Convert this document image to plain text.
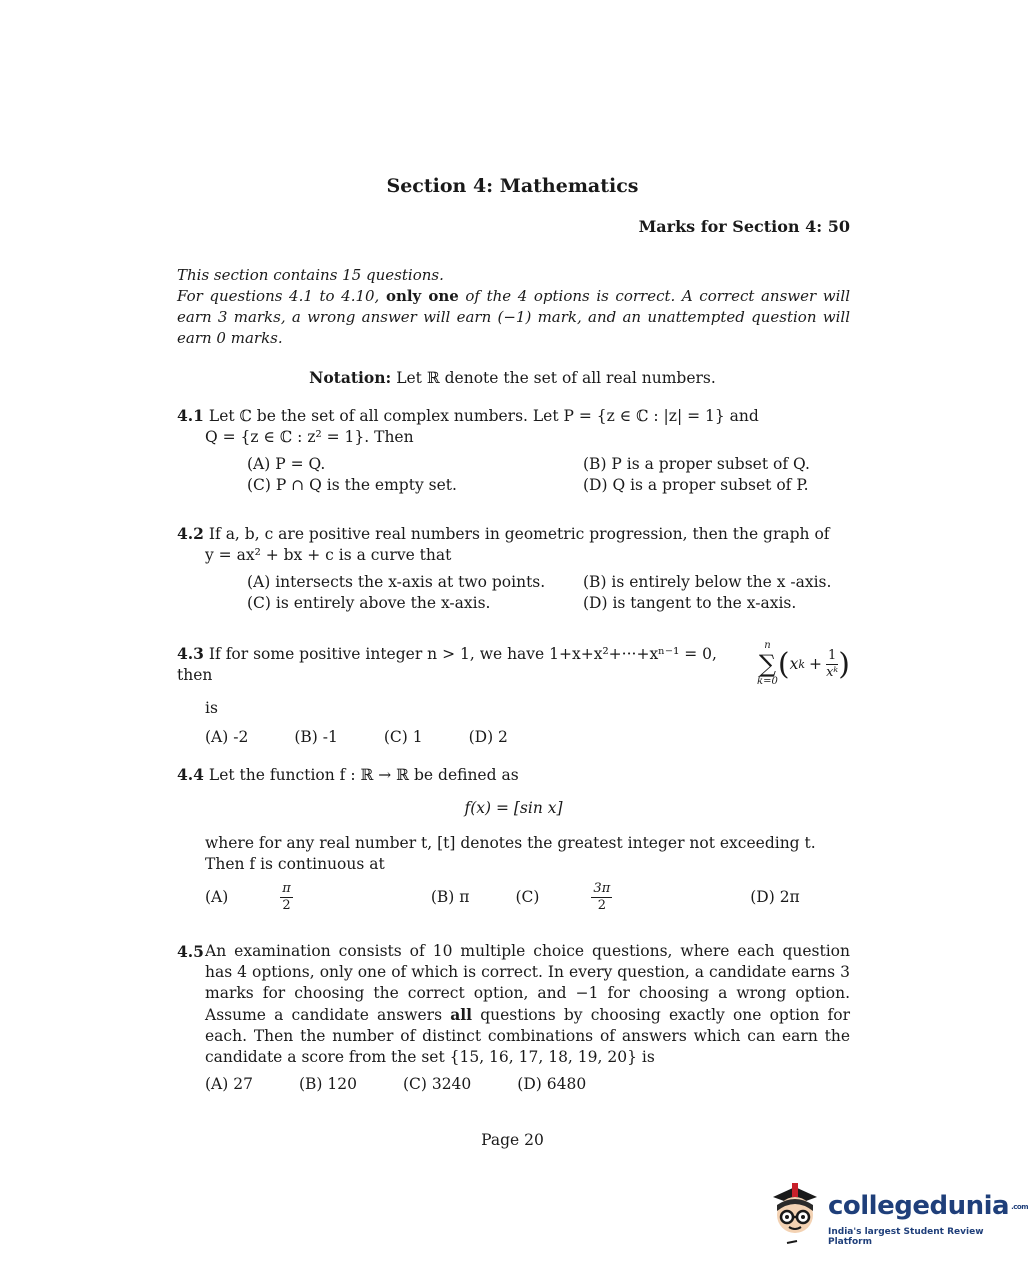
Section 4: Mathematics
Marks for Section 4: 50
This section contains 15 questions.
For questions 4.1 to 4.10, only one of the 4 options is correct. A correct answer will earn 3 marks, a wrong answer will earn (−1) mark, and an unattempted question will earn 0 marks.
Notation: Let ℝ denote the set of all real numbers.
4.1 Let ℂ be the set of all complex numbers. Let P = {z ∈ ℂ : |z| = 1} and
Q = {z ∈ ℂ : z² = 1}. Then
(A) P = Q.	(B) P is a proper subset of Q.
(C) P ∩ Q is the empty set.	(D) Q is a proper subset of P.
4.2 If a, b, c are positive real numbers in geometric progression, then the graph of
y = ax² + bx + c is a curve that
(A) intersects the x-axis at two points.	(B) is entirely below the x -axis.
(C) is entirely above the x-axis.	(D) is tangent to the x-axis.
4.3 If for some positive integer n > 1, we have 1+x+x²+···+xⁿ⁻¹ = 0, then
n
∑
k=0 ( x $k + \frac{1}{\text{xᵏ}}$ )
is
(A) -2	(B) -1	(C) 1	(D) 2
4.4 Let the function f : ℝ → ℝ be defined as
f(x) = [sin x]
where for any real number t, [t] denotes the greatest integer not exceeding t. Then f is continuous at
(A)	$\frac{\pi}{2}$	(B) π	(C)	$\frac{3\pi}{2}$	(D) 2π
4.5 An examination consists of 10 multiple choice questions, where each question has 4 options, only one of which is correct. In every question, a candidate earns 3 marks for choosing the correct option, and −1 for choosing a wrong option. Assume a candidate answers all questions by choosing exactly one option for each. Then the number of distinct combinations of answers which can earn the candidate a score from the set {15, 16, 17, 18, 19, 20} is
(A) 27	(B) 120	(C) 3240	(D) 6480
Page 20
collegedunia .com
India's largest Student Review Platform
